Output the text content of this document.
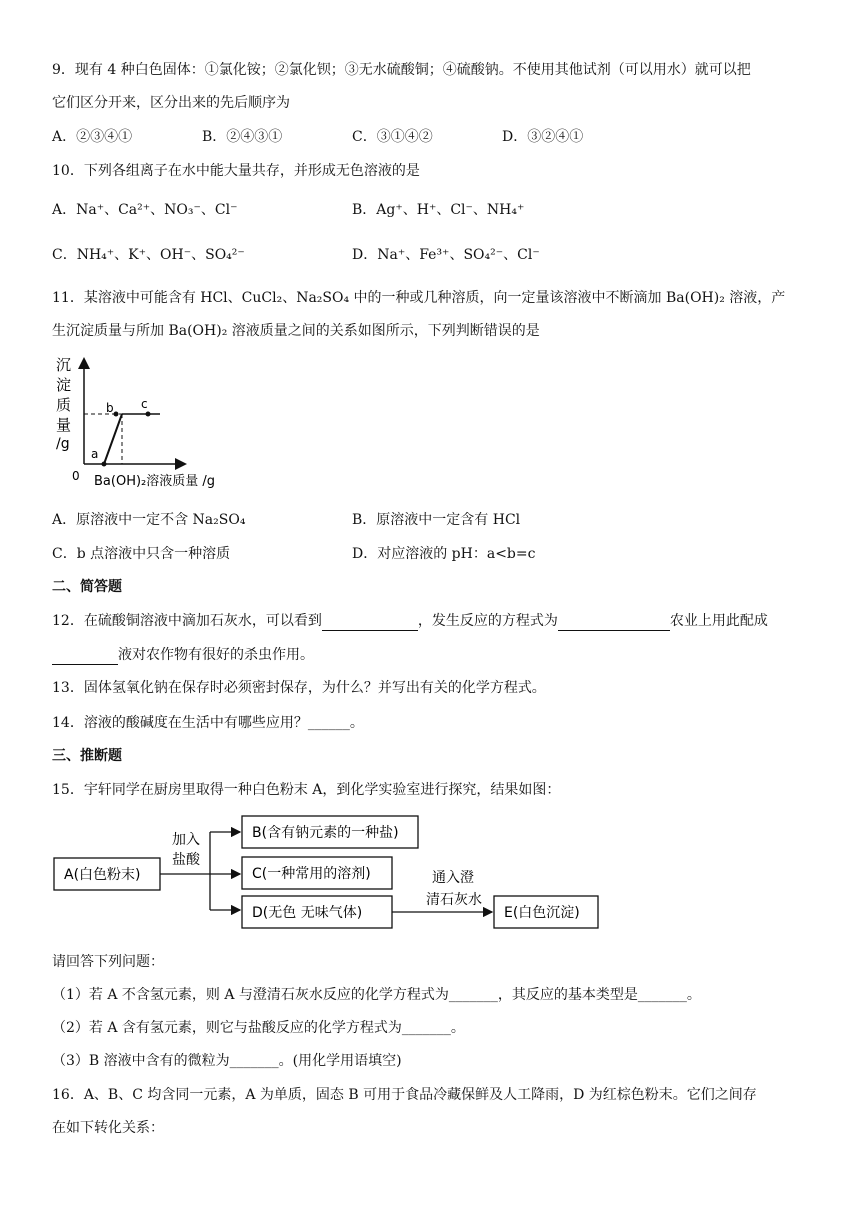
9．现有 4 种白色固体：①氯化铵；②氯化钡；③无水硫酸铜；④硫酸钠。不使用其他试剂（可以用水）就可以把
它们区分开来，区分出来的先后顺序为
A．②③④①	B．②④③①	C．③①④②	D．③②④①
10．下列各组离子在水中能大量共存，并形成无色溶液的是
A．Na⁺、Ca²⁺、NO₃⁻、Cl⁻	B．Ag⁺、H⁺、Cl⁻、NH₄⁺
C．NH₄⁺、K⁺、OH⁻、SO₄²⁻	D．Na⁺、Fe³⁺、SO₄²⁻、Cl⁻
11．某溶液中可能含有 HCl、CuCl₂、Na₂SO₄ 中的一种或几种溶质，向一定量该溶液中不断滴加 Ba(OH)₂ 溶液，产
生沉淀质量与所加 Ba(OH)₂ 溶液质量之间的关系如图所示，下列判断错误的是
沉
淀
质
量
/g
a
b c
0 Ba(OH)₂溶液质量 /g
A．原溶液中一定不含 Na₂SO₄	B．原溶液中一定含有 HCl
C．b 点溶液中只含一种溶质	D．对应溶液的 pH：a<b=c
二、简答题
12．在硫酸铜溶液中滴加石灰水，可以看到	，发生反应的方程式为	农业上用此配成
液对农作物有很好的杀虫作用。
13．固体氢氧化钠在保存时必须密封保存，为什么？并写出有关的化学方程式。
14．溶液的酸碱度在生活中有哪些应用？______。
三、推断题
15．宇轩同学在厨房里取得一种白色粉末 A，到化学实验室进行探究，结果如图：
A(白色粉末)
加入
盐酸
B(含有钠元素的一种盐)
C(一种常用的溶剂)
D(无色 无味气体)
通入澄
清石灰水
E(白色沉淀)
请回答下列问题：
（1）若 A 不含氢元素，则 A 与澄清石灰水反应的化学方程式为_______，其反应的基本类型是_______。
（2）若 A 含有氢元素，则它与盐酸反应的化学方程式为_______。
（3）B 溶液中含有的微粒为_______。(用化学用语填空)
16．A、B、C 均含同一元素，A 为单质，固态 B 可用于食品冷藏保鲜及人工降雨，D 为红棕色粉末。它们之间存
在如下转化关系：
